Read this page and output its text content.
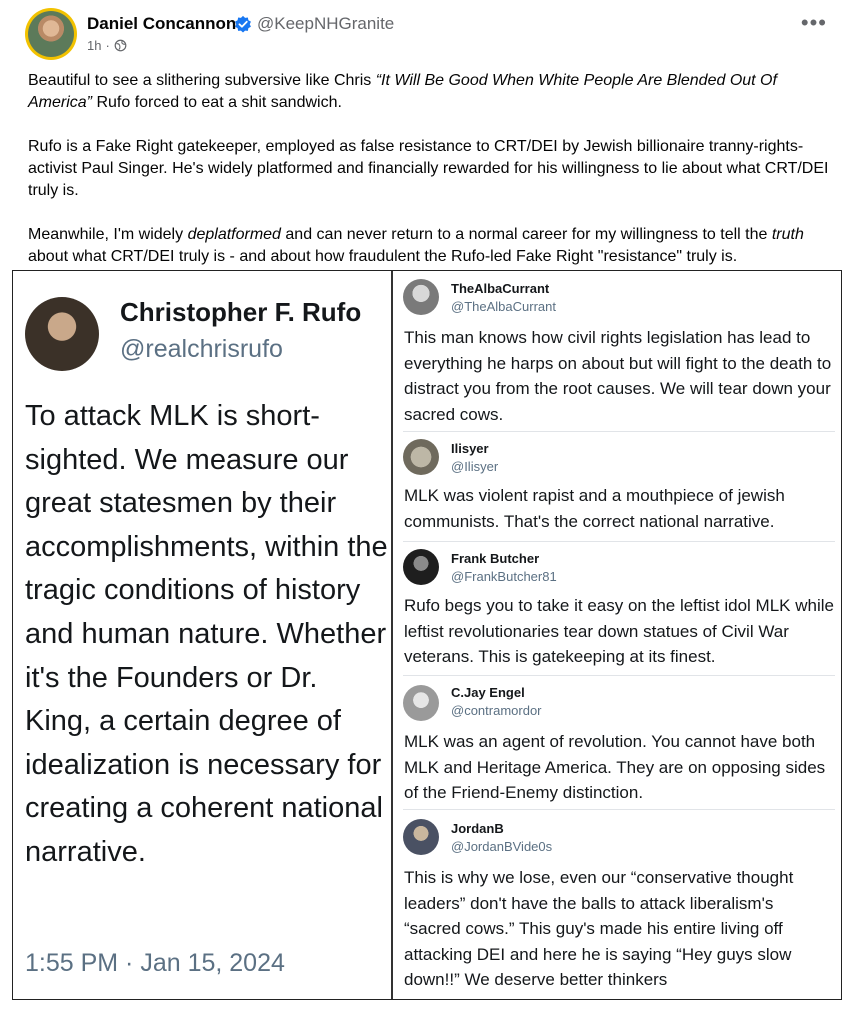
Daniel Concannon @KeepNHGranite
1h ·
•••

Beautiful to see a slithering subversive like Chris “It Will Be Good When White People Are Blended Out Of America” Rufo forced to eat a shit sandwich.

Rufo is a Fake Right gatekeeper, employed as false resistance to CRT/DEI by Jewish billionaire tranny-rights-activist Paul Singer. He's widely platformed and financially rewarded for his willingness to lie about what CRT/DEI truly is.

Meanwhile, I'm widely deplatformed and can never return to a normal career for my willingness to tell the truth about what CRT/DEI truly is - and about how fraudulent the Rufo-led Fake Right "resistance" truly is.

Christopher F. Rufo
@realchrisrufo
To attack MLK is short-sighted. We measure our great statesmen by their accomplishments, within the tragic conditions of history and human nature. Whether it's the Founders or Dr. King, a certain degree of idealization is necessary for creating a coherent national narrative.
1:55 PM · Jan 15, 2024
TheAlbaCurrant
@TheAlbaCurrant
This man knows how civil rights legislation has lead to everything he harps on about but will fight to the death to distract you from the root causes. We will tear down your sacred cows.
Ilisyer
@Ilisyer
MLK was violent rapist and a mouthpiece of jewish communists. That's the correct national narrative.
Frank Butcher
@FrankButcher81
Rufo begs you to take it easy on the leftist idol MLK while leftist revolutionaries tear down statues of Civil War veterans. This is gatekeeping at its finest.
C.Jay Engel
@contramordor
MLK was an agent of revolution. You cannot have both MLK and Heritage America. They are on opposing sides of the Friend-Enemy distinction.
JordanB
@JordanBVide0s
This is why we lose, even our “conservative thought leaders” don't have the balls to attack liberalism's “sacred cows.” This guy's made his entire living off attacking DEI and here he is saying “Hey guys slow down!!” We deserve better thinkers
